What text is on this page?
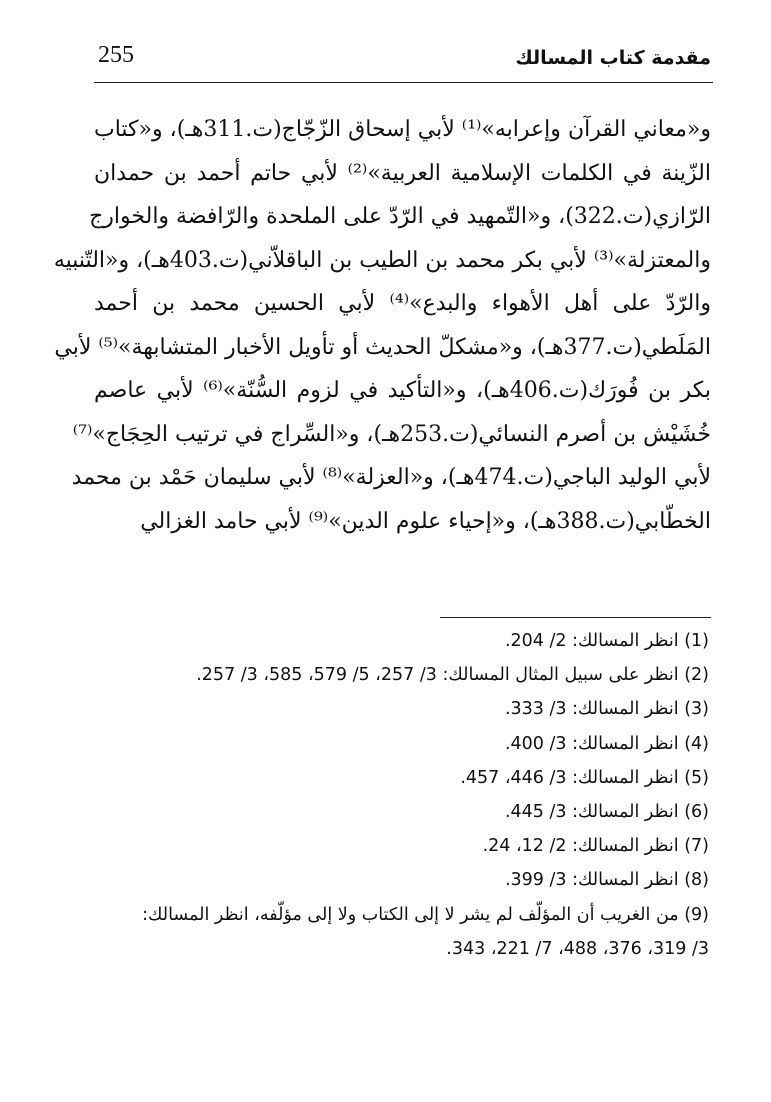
255	مقدمة كتاب المسالك
و«معاني القرآن وإعرابه»⁽¹⁾ لأبي إسحاق الزّجّاج(ت.311هـ)، و«كتاب
الزّينة في الكلمات الإسلامية العربية»⁽²⁾ لأبي حاتم أحمد بن حمدان
الرّازي(ت.322)، و«التّمهيد في الرّدّ على الملحدة والرّافضة والخوارج
والمعتزلة»⁽³⁾ لأبي بكر محمد بن الطيب بن الباقلاّني(ت.403هـ)، و«التّنبيه
والرّدّ على أهل الأهواء والبدع»⁽⁴⁾ لأبي الحسين محمد بن أحمد
المَلَطي(ت.377هـ)، و«مشكلّ الحديث أو تأويل الأخبار المتشابهة»⁽⁵⁾ لأبي
بكر بن فُورَك(ت.406هـ)، و«التأكيد في لزوم السُّنّة»⁽⁶⁾ لأبي عاصم
خُشَيْش بن أصرم النسائي(ت.253هـ)، و«السِّراج في ترتيب الحِجَاج»⁽⁷⁾
لأبي الوليد الباجي(ت.474هـ)، و«العزلة»⁽⁸⁾ لأبي سليمان حَمْد بن محمد
الخطّابي(ت.388هـ)، و«إحياء علوم الدين»⁽⁹⁾ لأبي حامد الغزالي
(1) انظر المسالك: 2/ 204.
(2) انظر على سبيل المثال المسالك: 3/ 257، 5/ 579، 585، 3/ 257.
(3) انظر المسالك: 3/ 333.
(4) انظر المسالك: 3/ 400.
(5) انظر المسالك: 3/ 446، 457.
(6) انظر المسالك: 3/ 445.
(7) انظر المسالك: 2/ 12، 24.
(8) انظر المسالك: 3/ 399.
(9) من الغريب أن المؤلّف لم يشر لا إلى الكتاب ولا إلى مؤلّفه، انظر المسالك:
3/ 319، 376، 488، 7/ 221، 343.
